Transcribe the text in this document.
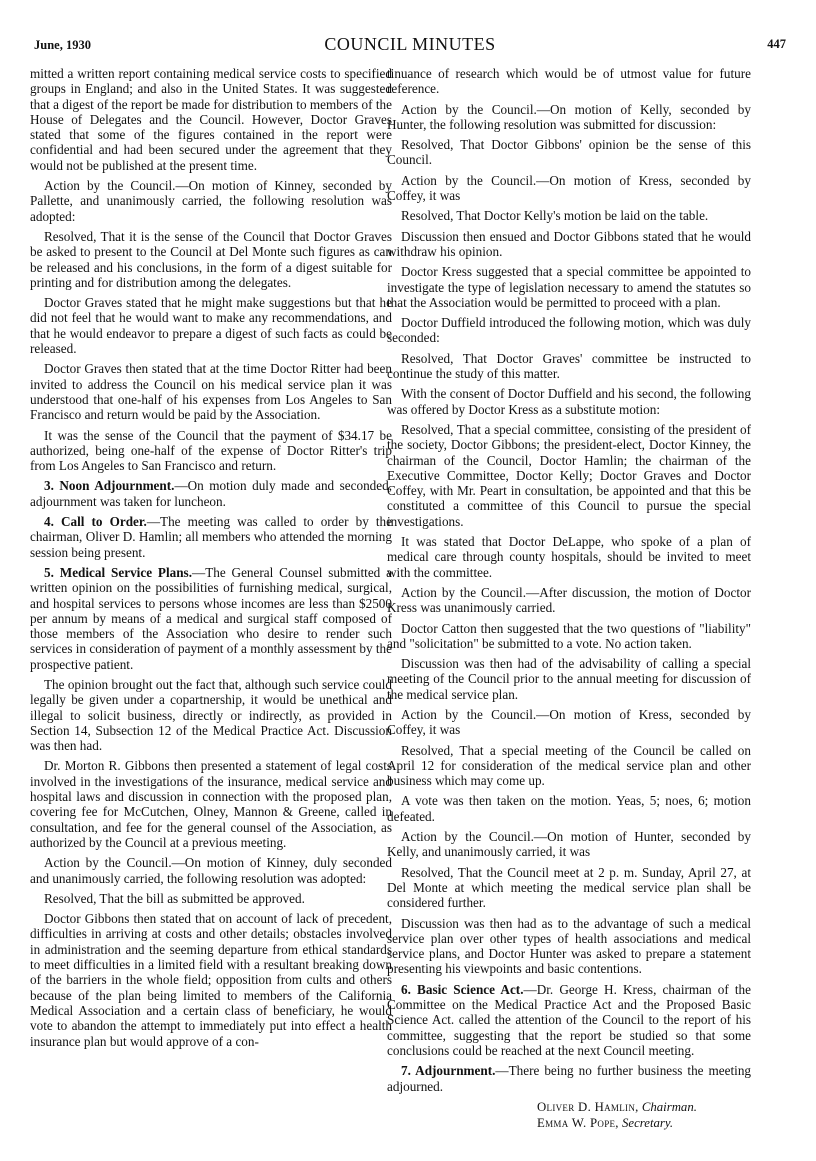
June, 1930	COUNCIL MINUTES	447

mitted a written report containing medical service costs to specified groups in England; and also in the United States. It was suggested that a digest of the report be made for distribution to members of the House of Delegates and the Council. However, Doctor Graves stated that some of the figures contained in the report were confidential and had been secured under the agreement that they would not be published at the present time.

Action by the Council.—On motion of Kinney, seconded by Pallette, and unanimously carried, the following resolution was adopted:

Resolved, That it is the sense of the Council that Doctor Graves be asked to present to the Council at Del Monte such figures as can be released and his conclusions, in the form of a digest suitable for printing and for distribution among the delegates.

Doctor Graves stated that he might make suggestions but that he did not feel that he would want to make any recommendations, and that he would endeavor to prepare a digest of such facts as could be released.

Doctor Graves then stated that at the time Doctor Ritter had been invited to address the Council on his medical service plan it was understood that one-half of his expenses from Los Angeles to San Francisco and return would be paid by the Association.

It was the sense of the Council that the payment of $34.17 be authorized, being one-half of the expense of Doctor Ritter's trip from Los Angeles to San Francisco and return.

3. Noon Adjournment.—On motion duly made and seconded, adjournment was taken for luncheon.

4. Call to Order.—The meeting was called to order by the chairman, Oliver D. Hamlin; all members who attended the morning session being present.

5. Medical Service Plans.—The General Counsel submitted a written opinion on the possibilities of furnishing medical, surgical, and hospital services to persons whose incomes are less than $2500 per annum by means of a medical and surgical staff composed of those members of the Association who desire to render such services in consideration of payment of a monthly assessment by the prospective patient.

The opinion brought out the fact that, although such service could legally be given under a copartnership, it would be unethical and illegal to solicit business, directly or indirectly, as provided in Section 14, Subsection 12 of the Medical Practice Act. Discussion was then had.

Dr. Morton R. Gibbons then presented a statement of legal costs involved in the investigations of the insurance, medical service and hospital laws and discussion in connection with the proposed plan, covering fee for McCutchen, Olney, Mannon & Greene, called in consultation, and fee for the general counsel of the Association, as authorized by the Council at a previous meeting.

Action by the Council.—On motion of Kinney, duly seconded and unanimously carried, the following resolution was adopted:

Resolved, That the bill as submitted be approved.

Doctor Gibbons then stated that on account of lack of precedent, difficulties in arriving at costs and other details; obstacles involved in administration and the seeming departure from ethical standards to meet difficulties in a limited field with a resultant breaking down of the barriers in the whole field; opposition from cults and others because of the plan being limited to members of the California Medical Association and a certain class of beneficiary, he would vote to abandon the attempt to immediately put into effect a health insurance plan but would approve of a con-

tinuance of research which would be of utmost value for future reference.

Action by the Council.—On motion of Kelly, seconded by Hunter, the following resolution was submitted for discussion:

Resolved, That Doctor Gibbons' opinion be the sense of this Council.

Action by the Council.—On motion of Kress, seconded by Coffey, it was

Resolved, That Doctor Kelly's motion be laid on the table.

Discussion then ensued and Doctor Gibbons stated that he would withdraw his opinion.

Doctor Kress suggested that a special committee be appointed to investigate the type of legislation necessary to amend the statutes so that the Association would be permitted to proceed with a plan.

Doctor Duffield introduced the following motion, which was duly seconded:

Resolved, That Doctor Graves' committee be instructed to continue the study of this matter.

With the consent of Doctor Duffield and his second, the following was offered by Doctor Kress as a substitute motion:

Resolved, That a special committee, consisting of the president of the society, Doctor Gibbons; the president-elect, Doctor Kinney, the chairman of the Council, Doctor Hamlin; the chairman of the Executive Committee, Doctor Kelly; Doctor Graves and Doctor Coffey, with Mr. Peart in consultation, be appointed and that this be constituted a committee of this Council to pursue the special investigations.

It was stated that Doctor DeLappe, who spoke of a plan of medical care through county hospitals, should be invited to meet with the committee.

Action by the Council.—After discussion, the motion of Doctor Kress was unanimously carried.

Doctor Catton then suggested that the two questions of "liability" and "solicitation" be submitted to a vote. No action taken.

Discussion was then had of the advisability of calling a special meeting of the Council prior to the annual meeting for discussion of the medical service plan.

Action by the Council.—On motion of Kress, seconded by Coffey, it was

Resolved, That a special meeting of the Council be called on April 12 for consideration of the medical service plan and other business which may come up.

A vote was then taken on the motion. Yeas, 5; noes, 6; motion defeated.

Action by the Council.—On motion of Hunter, seconded by Kelly, and unanimously carried, it was

Resolved, That the Council meet at 2 p. m. Sunday, April 27, at Del Monte at which meeting the medical service plan shall be considered further.

Discussion was then had as to the advantage of such a medical service plan over other types of health associations and medical service plans, and Doctor Hunter was asked to prepare a statement presenting his viewpoints and basic contentions.

6. Basic Science Act.—Dr. George H. Kress, chairman of the Committee on the Medical Practice Act and the Proposed Basic Science Act. called the attention of the Council to the report of his committee, suggesting that the report be studied so that some conclusions could be reached at the next Council meeting.

7. Adjournment.—There being no further business the meeting adjourned.

Oliver D. Hamlin, Chairman.

Emma W. Pope, Secretary.
